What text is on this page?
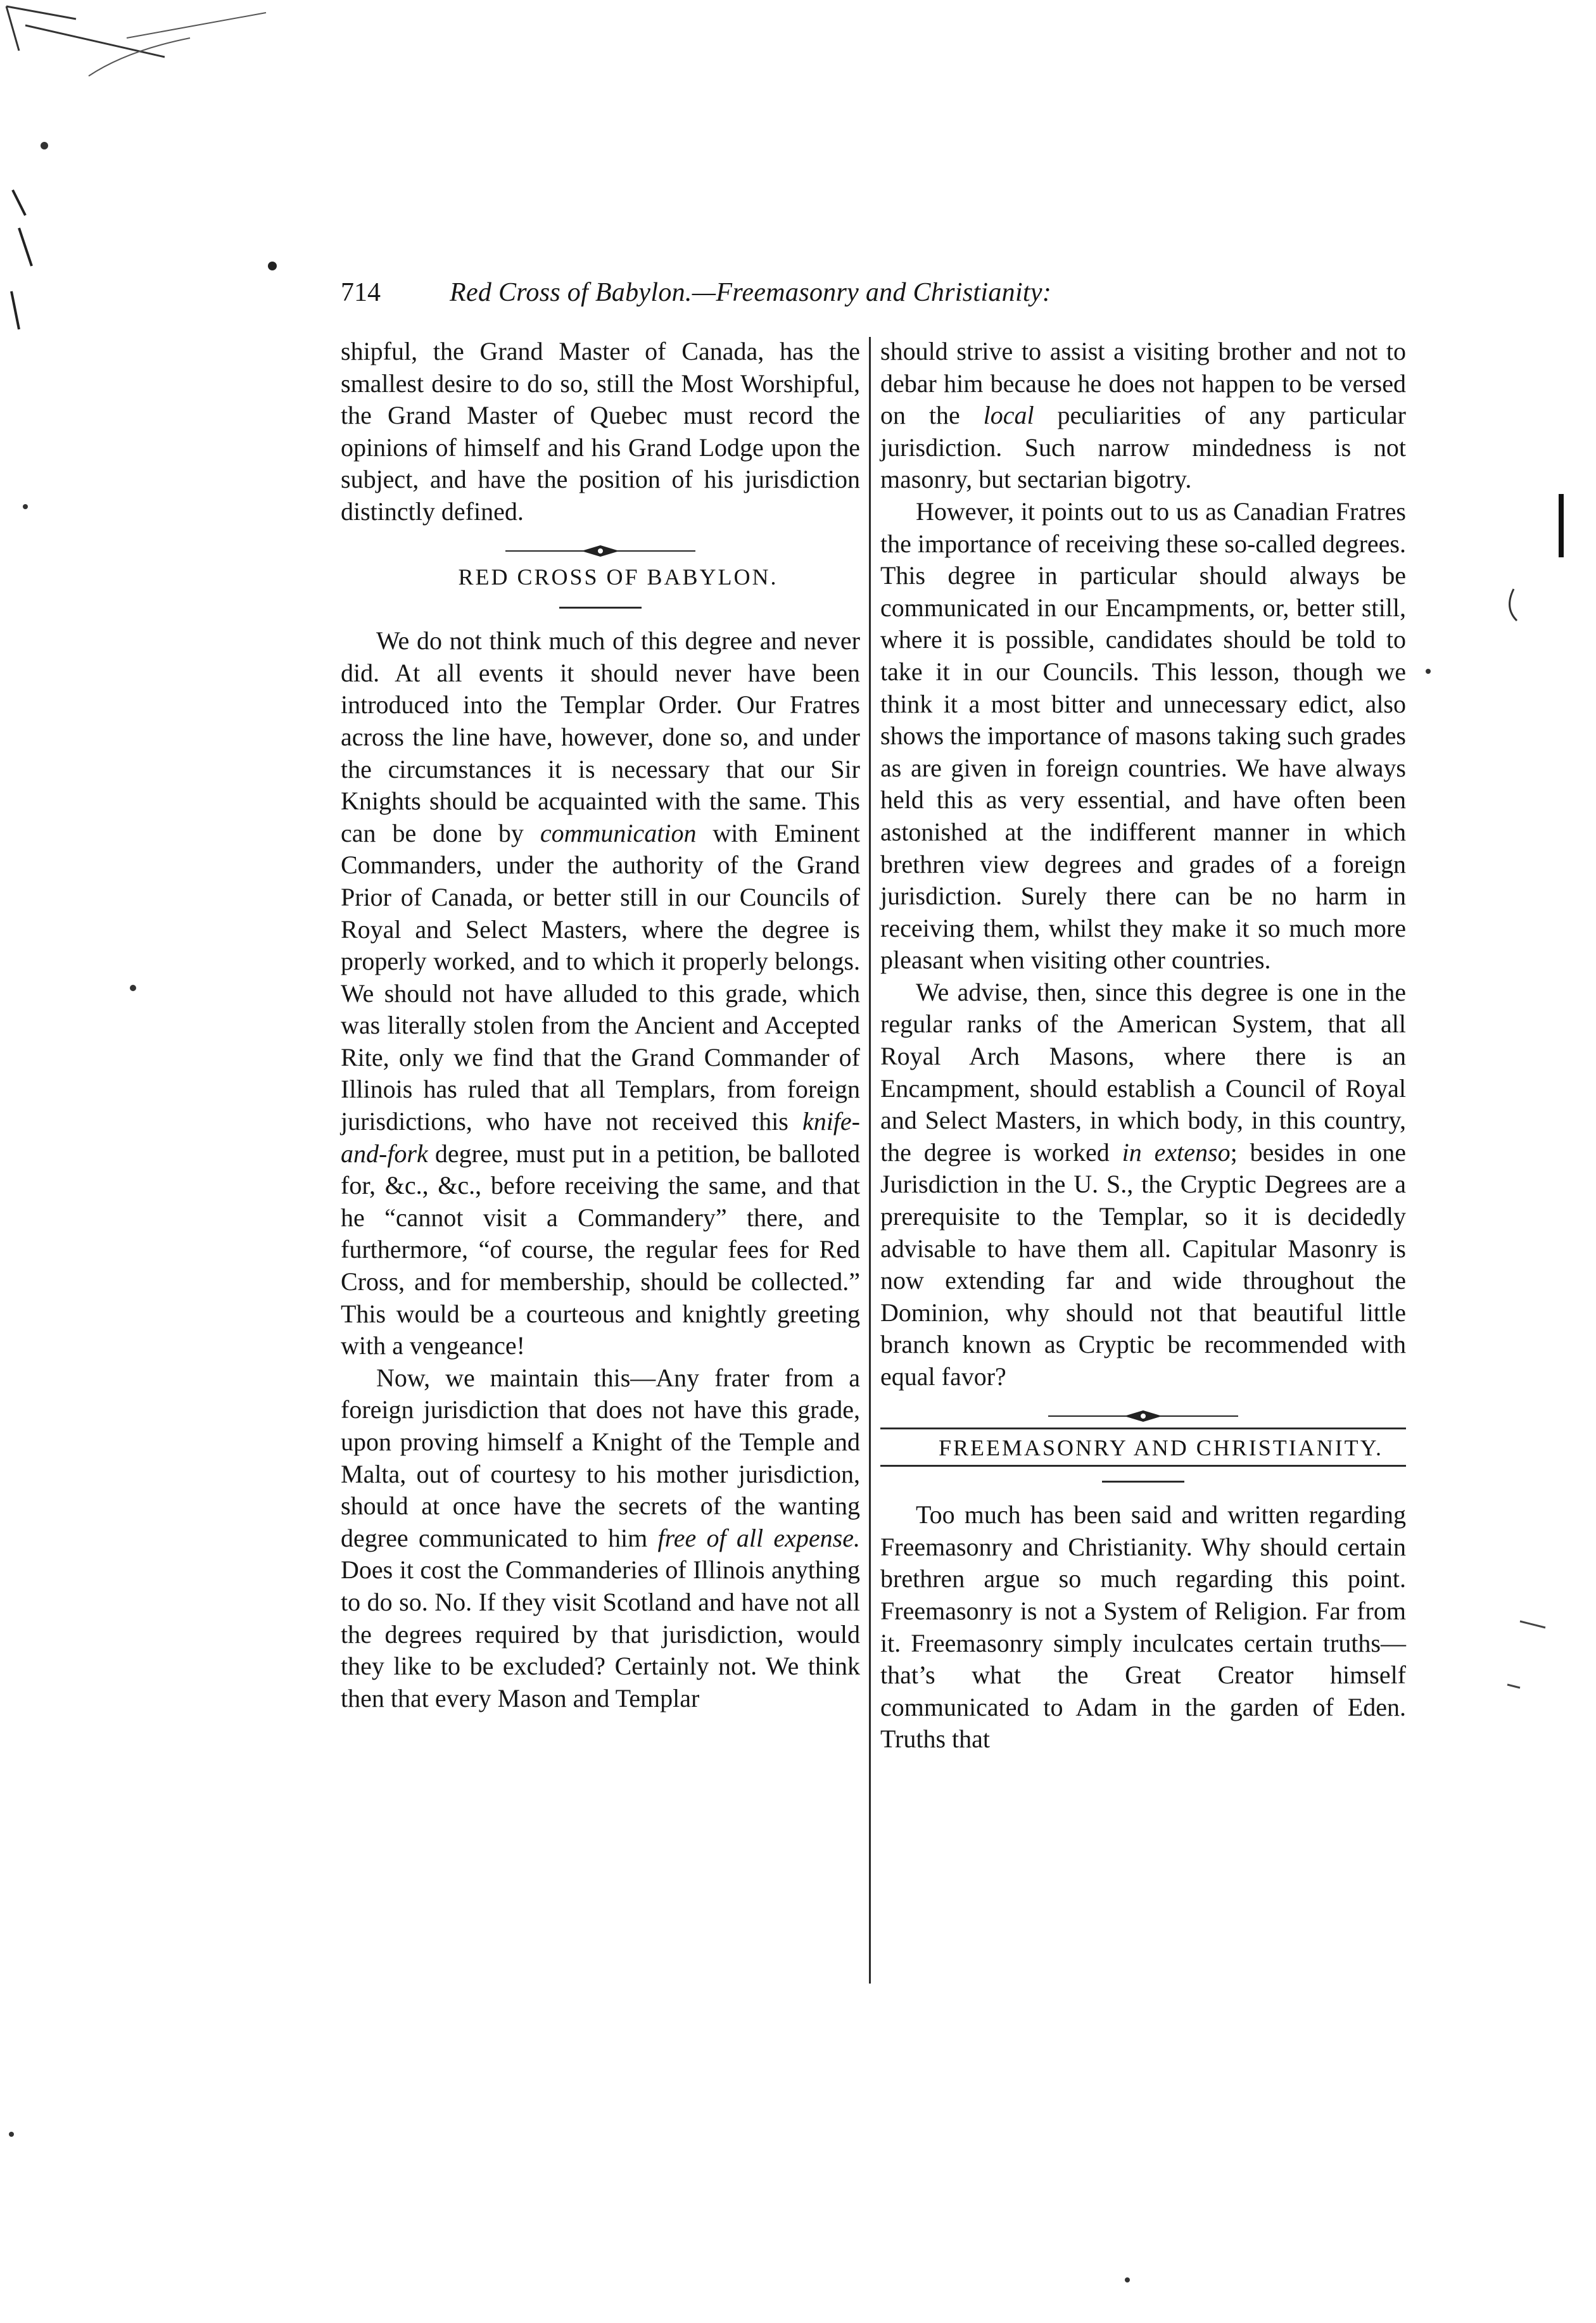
714	Red Cross of Babylon.—Freemasonry and Christianity:

shipful, the Grand Master of Canada, has the smallest desire to do so, still the Most Worshipful, the Grand Master of Quebec must record the opinions of himself and his Grand Lodge upon the subject, and have the position of his jurisdiction distinctly defined.

RED CROSS OF BABYLON.

We do not think much of this degree and never did. At all events it should never have been introduced into the Templar Order. Our Fratres across the line have, however, done so, and under the circumstances it is necessary that our Sir Knights should be acquainted with the same. This can be done by communication with Eminent Commanders, under the authority of the Grand Prior of Canada, or better still in our Councils of Royal and Select Masters, where the degree is properly worked, and to which it properly belongs. We should not have alluded to this grade, which was literally stolen from the Ancient and Accepted Rite, only we find that the Grand Commander of Illinois has ruled that all Templars, from foreign jurisdictions, who have not received this knife-and-fork degree, must put in a petition, be balloted for, &c., &c., before receiving the same, and that he “cannot visit a Commandery” there, and furthermore, “of course, the regular fees for Red Cross, and for membership, should be collected.” This would be a courteous and knightly greeting with a vengeance!

Now, we maintain this—Any frater from a foreign jurisdiction that does not have this grade, upon proving himself a Knight of the Temple and Malta, out of courtesy to his mother jurisdiction, should at once have the secrets of the wanting degree communicated to him free of all expense. Does it cost the Commanderies of Illinois anything to do so. No. If they visit Scotland and have not all the degrees required by that jurisdiction, would they like to be excluded? Certainly not. We think then that every Mason and Templar

should strive to assist a visiting brother and not to debar him because he does not happen to be versed on the local peculiarities of any particular jurisdiction. Such narrow mindedness is not masonry, but sectarian bigotry.

However, it points out to us as Canadian Fratres the importance of receiving these so-called degrees. This degree in particular should always be communicated in our Encampments, or, better still, where it is possible, candidates should be told to take it in our Councils. This lesson, though we think it a most bitter and unnecessary edict, also shows the importance of masons taking such grades as are given in foreign countries. We have always held this as very essential, and have often been astonished at the indifferent manner in which brethren view degrees and grades of a foreign jurisdiction. Surely there can be no harm in receiving them, whilst they make it so much more pleasant when visiting other countries.

We advise, then, since this degree is one in the regular ranks of the American System, that all Royal Arch Masons, where there is an Encampment, should establish a Council of Royal and Select Masters, in which body, in this country, the degree is worked in extenso; besides in one Jurisdiction in the U. S., the Cryptic Degrees are a prerequisite to the Templar, so it is decidedly advisable to have them all. Capitular Masonry is now extending far and wide throughout the Dominion, why should not that beautiful little branch known as Cryptic be recommended with equal favor?

FREEMASONRY AND CHRISTIANITY.

Too much has been said and written regarding Freemasonry and Christianity. Why should certain brethren argue so much regarding this point. Freemasonry is not a System of Religion. Far from it. Freemasonry simply inculcates certain truths—that’s what the Great Creator himself communicated to Adam in the garden of Eden. Truths that
